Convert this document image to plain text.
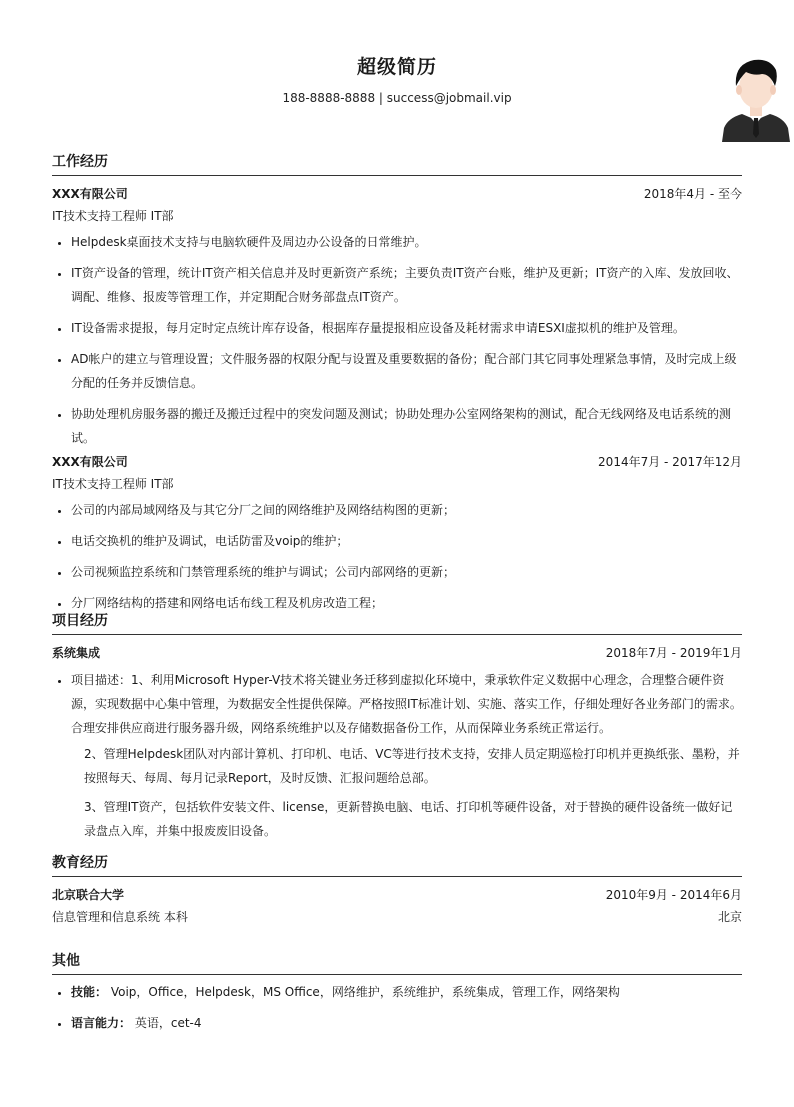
超级简历
188-8888-8888 | success@jobmail.vip
工作经历
XXX有限公司	2018年4月 - 至今
IT技术支持工程师 IT部
• Helpdesk桌面技术支持与电脑软硬件及周边办公设备的日常维护。
• IT资产设备的管理，统计IT资产相关信息并及时更新资产系统；主要负责IT资产台账，维护及更新；IT资产的入库、发放回收、调配、维修、报废等管理工作，并定期配合财务部盘点IT资产。
• IT设备需求提报，每月定时定点统计库存设备，根据库存量提报相应设备及耗材需求申请ESXI虚拟机的维护及管理。
• AD帐户的建立与管理设置；文件服务器的权限分配与设置及重要数据的备份；配合部门其它同事处理紧急事情，及时完成上级分配的任务并反馈信息。
• 协助处理机房服务器的搬迁及搬迁过程中的突发问题及测试；协助处理办公室网络架构的测试，配合无线网络及电话系统的测试。
XXX有限公司	2014年7月 - 2017年12月
IT技术支持工程师 IT部
• 公司的内部局域网络及与其它分厂之间的网络维护及网络结构图的更新；
• 电话交换机的维护及调试，电话防雷及voip的维护；
• 公司视频监控系统和门禁管理系统的维护与调试；公司内部网络的更新；
• 分厂网络结构的搭建和网络电话布线工程及机房改造工程；
项目经历
系统集成	2018年7月 - 2019年1月
• 项目描述：1、利用Microsoft Hyper-V技术将关键业务迁移到虚拟化环境中，秉承软件定义数据中心理念，合理整合硬件资源，实现数据中心集中管理，为数据安全性提供保障。严格按照IT标准计划、实施、落实工作，仔细处理好各业务部门的需求。合理安排供应商进行服务器升级，网络系统维护以及存储数据备份工作，从而保障业务系统正常运行。
2、管理Helpdesk团队对内部计算机、打印机、电话、VC等进行技术支持，安排人员定期巡检打印机并更换纸张、墨粉，并按照每天、每周、每月记录Report，及时反馈、汇报问题给总部。
3、管理IT资产，包括软件安装文件、license，更新替换电脑、电话、打印机等硬件设备，对于替换的硬件设备统一做好记录盘点入库，并集中报废废旧设备。
教育经历
北京联合大学	2010年9月 - 2014年6月
信息管理和信息系统 本科	北京
其他
• 技能： Voip，Office，Helpdesk，MS Office，网络维护，系统维护，系统集成，管理工作，网络架构
• 语言能力： 英语，cet-4
